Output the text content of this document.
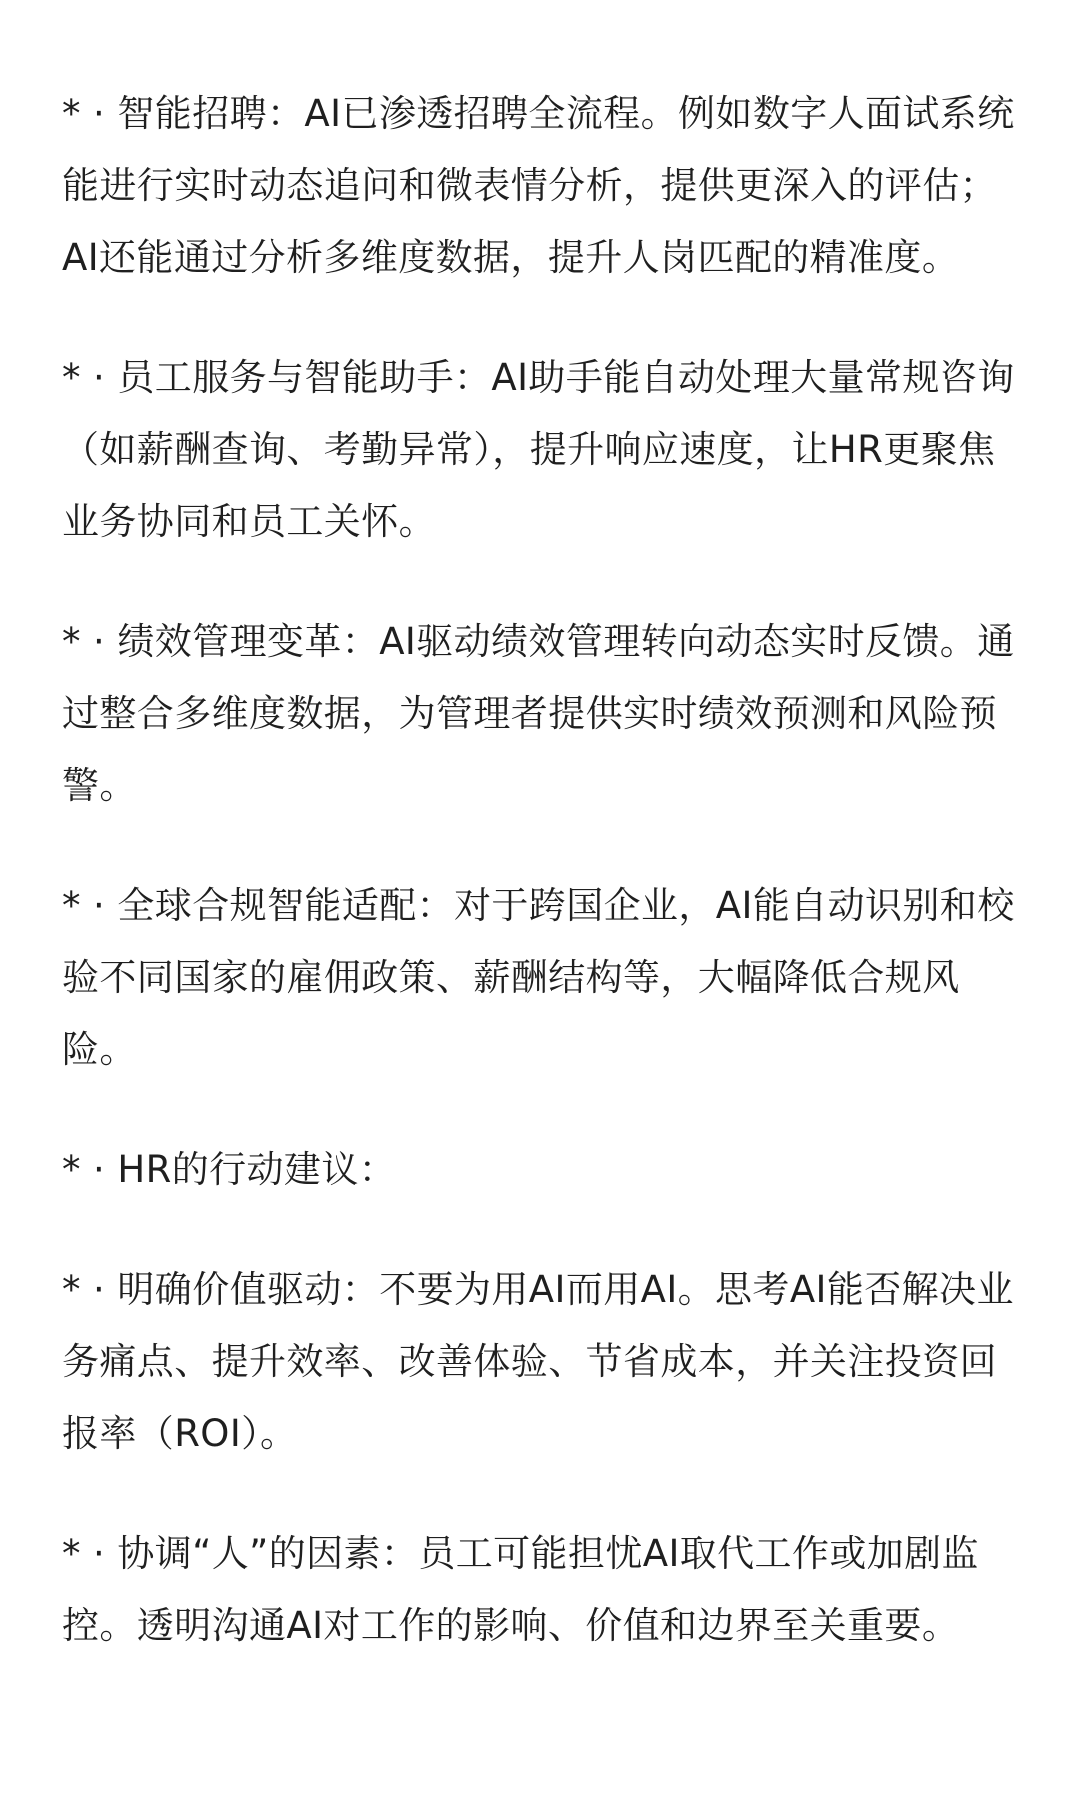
* · 智能招聘：AI已渗透招聘全流程。例如数字人面试系统能进行实时动态追问和微表情分析，提供更深入的评估；AI还能通过分析多维度数据，提升人岗匹配的精准度。

* · 员工服务与智能助手：AI助手能自动处理大量常规咨询（如薪酬查询、考勤异常），提升响应速度，让HR更聚焦业务协同和员工关怀。

* · 绩效管理变革：AI驱动绩效管理转向动态实时反馈。通过整合多维度数据，为管理者提供实时绩效预测和风险预警。

* · 全球合规智能适配：对于跨国企业，AI能自动识别和校验不同国家的雇佣政策、薪酬结构等，大幅降低合规风险。

* · HR的行动建议：

* · 明确价值驱动：不要为用AI而用AI。思考AI能否解决业务痛点、提升效率、改善体验、节省成本，并关注投资回报率（ROI）。

* · 协调“人”的因素：员工可能担忧AI取代工作或加剧监控。透明沟通AI对工作的影响、价值和边界至关重要。
